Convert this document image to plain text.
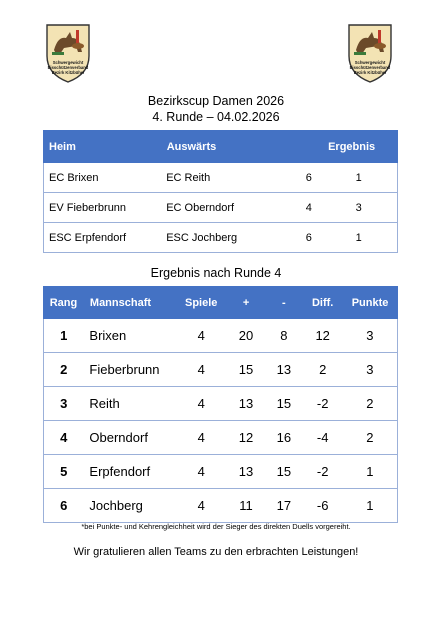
Schwergewicht
Eisschützenverband
Bezirk Kitzbühel
Schwergewicht
Eisschützenverband
Bezirk Kitzbühel
Bezirkscup Damen 2026
4. Runde – 04.02.2026
Heim	Auswärts	Ergebnis	
EC Brixen	EC Reith	6	1
EV Fieberbrunn	EC Oberndorf	4	3
ESC Erpfendorf	ESC Jochberg	6	1
Ergebnis nach Runde 4
Rang	Mannschaft	Spiele	+	-	Diff.	Punkte
1	Brixen	4	20	8	12	3
2	Fieberbrunn	4	15	13	2	3
3	Reith	4	13	15	-2	2
4	Oberndorf	4	12	16	-4	2
5	Erpfendorf	4	13	15	-2	1
6	Jochberg	4	11	17	-6	1
*bei Punkte- und Kehrengleichheit wird der Sieger des direkten Duells vorgereiht.
Wir gratulieren allen Teams zu den erbrachten Leistungen!
